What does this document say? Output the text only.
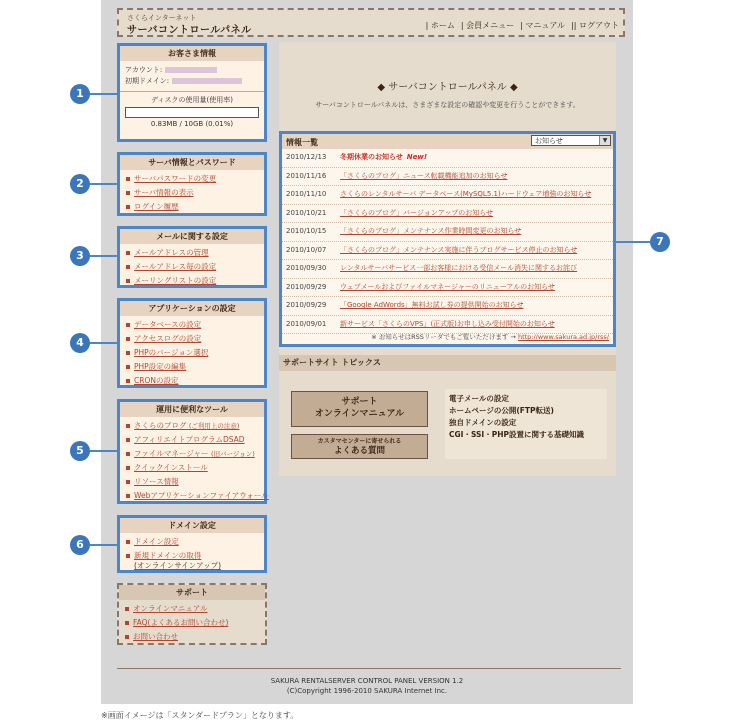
さくらインターネット
サーバコントロールパネル	| ホーム | 会員メニュー | マニュアル || ログアウト
お客さま情報
アカウント:
初期ドメイン:
ディスクの使用量(使用率)
0.83MB / 10GB (0.01%)
サーバ情報とパスワード
サーバパスワードの変更
サーバ情報の表示
ログイン履歴
メールに関する設定
メールアドレスの管理
メールアドレス毎の設定
メーリングリストの設定
アプリケーションの設定
データベースの設定
アクセスログの設定
PHPのバージョン選択
PHP設定の編集
CRONの設定
運用に便利なツール
さくらのブログ (ご利用上の注意)
アフィリエイトプログラムDSAD
ファイルマネージャー (旧バージョン)
クイックインストール
リソース情報
Webアプリケーションファイアウォール
ドメイン設定
ドメイン設定
新規ドメインの取得
(オンラインサインアップ)
サポート
オンラインマニュアル
FAQ(よくあるお問い合わせ)
お問い合わせ
1
2
3
4
5
6
7
◆ サーバコントロールパネル ◆
サーバコントロールパネルは、さまざまな設定の確認や変更を行うことができます。
情報一覧	お知らせ	▼
2010/12/13 冬期休業のお知らせ New!
2010/11/16 「さくらのブログ」ニュース転載機能追加のお知らせ
2010/11/10 さくらのレンタルサーバ データベース(MySQL5.1)ハードウェア増強のお知らせ
2010/10/21 「さくらのブログ」バージョンアップのお知らせ
2010/10/15 「さくらのブログ」メンテナンス作業時間変更のお知らせ
2010/10/07 「さくらのブログ」メンテナンス実施に伴うブログサービス停止のお知らせ
2010/09/30 レンタルサーバサービス一部お客様における受信メール消失に関するお詫び
2010/09/29 ウェブメールおよびファイルマネージャーのリニューアルのお知らせ
2010/09/29 「Google AdWords」無料お試し券の提供開始のお知らせ
2010/09/01 新サービス「さくらのVPS」(正式版)お申し込み受付開始のお知らせ
※ お知らせはRSSリーダでもご覧いただけます → http://www.sakura.ad.jp/rss/
サポートサイト トピックス
サポート
オンラインマニュアル
カスタマセンターに寄せられる
よくある質問
電子メールの設定
ホームページの公開(FTP転送)
独自ドメインの設定
CGI・SSI・PHP設置に関する基礎知識
SAKURA RENTALSERVER CONTROL PANEL VERSION 1.2
(C)Copyright 1996-2010 SAKURA Internet Inc.
※画面イメージは「スタンダードプラン」となります。
